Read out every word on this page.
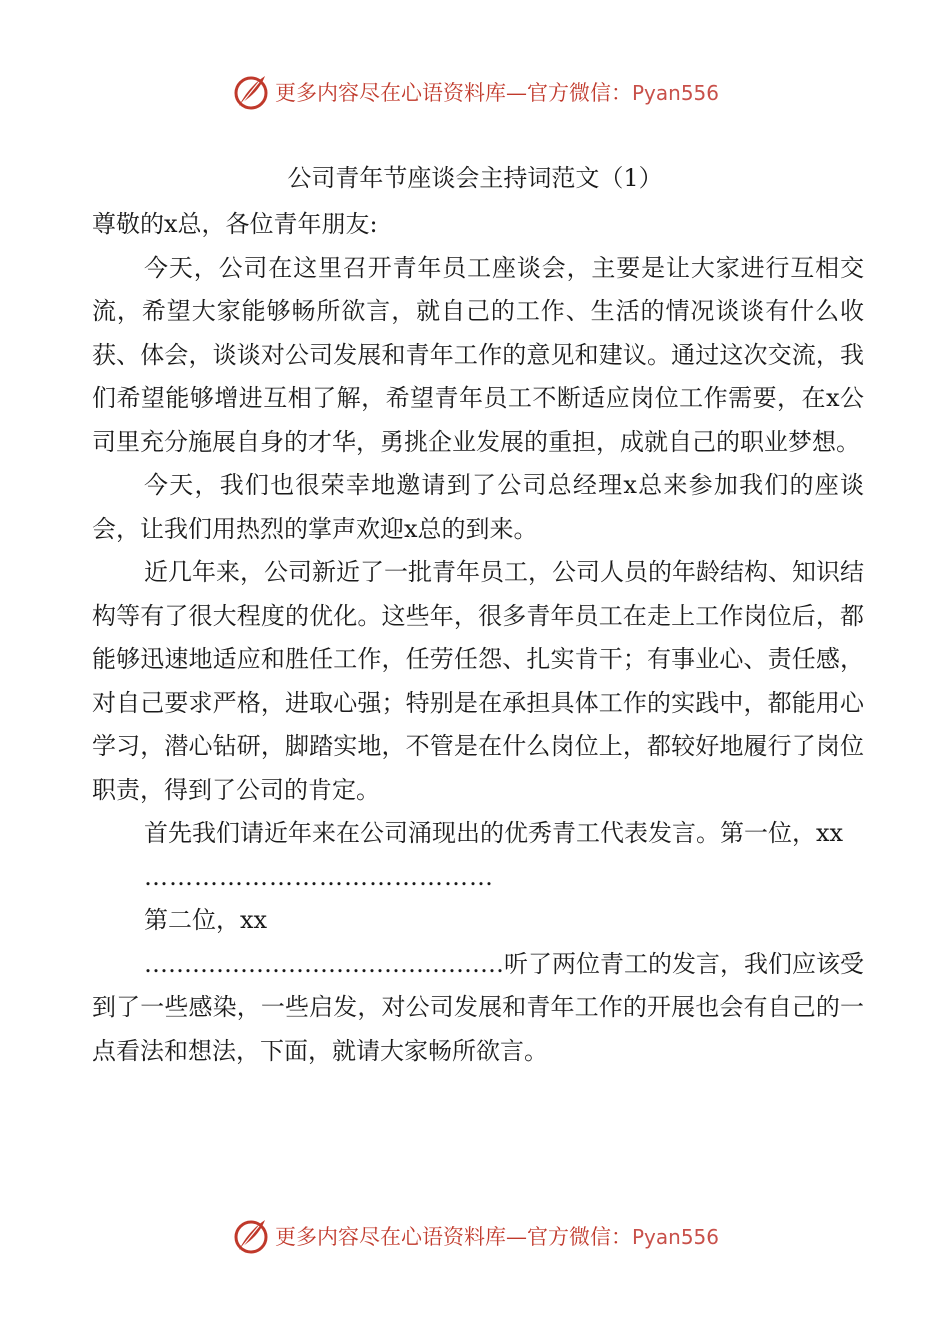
更多内容尽在心语资料库—官方微信：Pyan556
公司青年节座谈会主持词范文（1）

尊敬的x总，各位青年朋友:

今天，公司在这里召开青年员工座谈会，主要是让大家进行互相交流，希望大家能够畅所欲言，就自己的工作、生活的情况谈谈有什么收获、体会，谈谈对公司发展和青年工作的意见和建议。通过这次交流，我们希望能够增进互相了解，希望青年员工不断适应岗位工作需要，在x公司里充分施展自身的才华，勇挑企业发展的重担，成就自己的职业梦想。

今天，我们也很荣幸地邀请到了公司总经理x总来参加我们的座谈会，让我们用热烈的掌声欢迎x总的到来。

近几年来，公司新近了一批青年员工，公司人员的年龄结构、知识结构等有了很大程度的优化。这些年，很多青年员工在走上工作岗位后，都能够迅速地适应和胜任工作，任劳任怨、扎实肯干；有事业心、责任感，对自己要求严格，进取心强；特别是在承担具体工作的实践中，都能用心学习，潜心钻研，脚踏实地，不管是在什么岗位上，都较好地履行了岗位职责，得到了公司的肯定。

首先我们请近年来在公司涌现出的优秀青工代表发言。第一位，xx

……………………………………

第二位，xx

………………………………………听了两位青工的发言，我们应该受到了一些感染，一些启发，对公司发展和青年工作的开展也会有自己的一点看法和想法，下面，就请大家畅所欲言。

更多内容尽在心语资料库—官方微信：Pyan556
